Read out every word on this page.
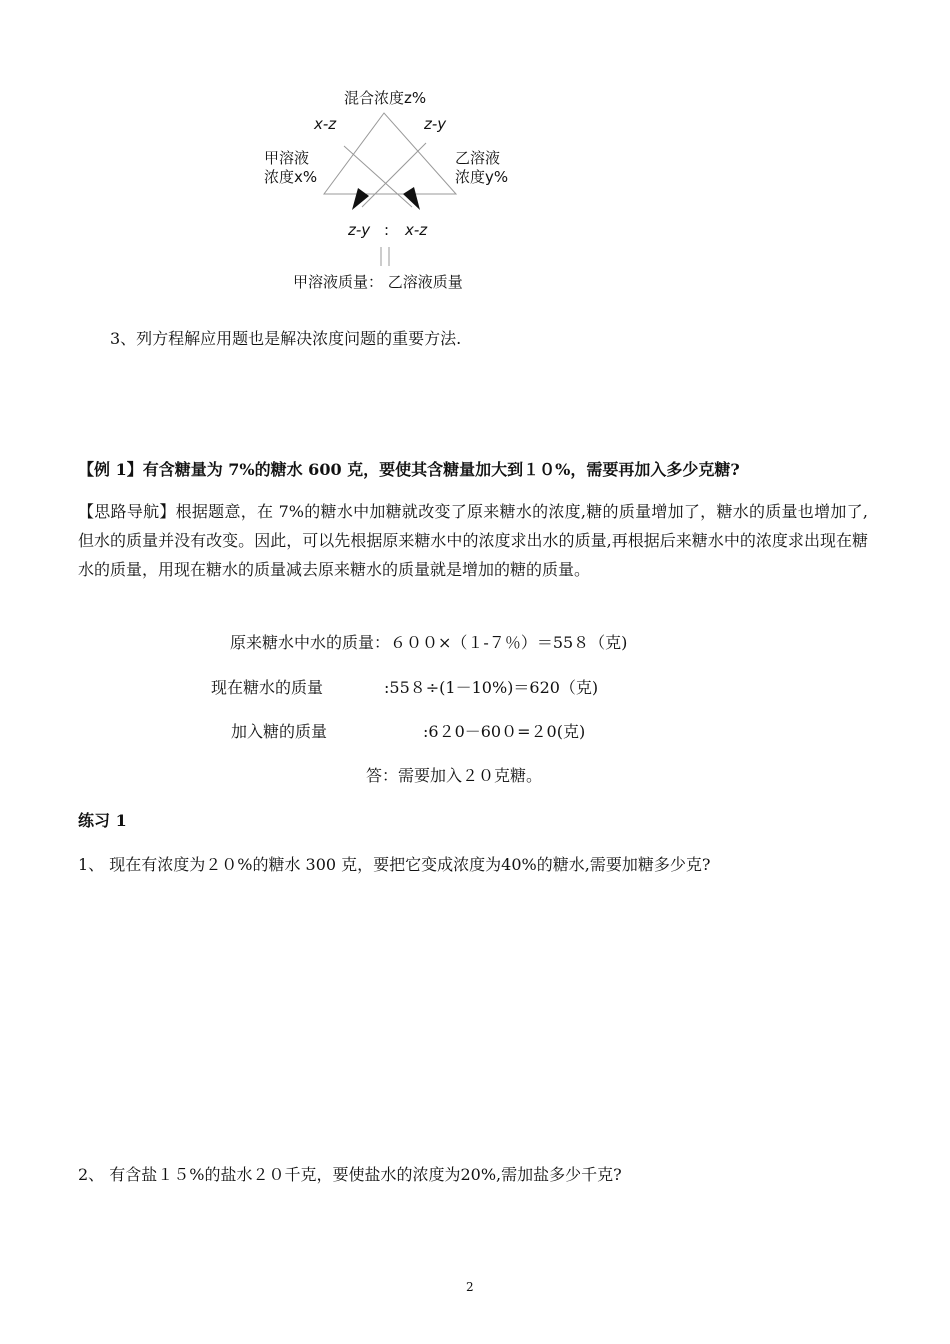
混合浓度z%
x-z	z-y
甲溶液
浓度x%
乙溶液
浓度y%
z-y : x-z
甲溶液质量： 乙溶液质量
3、列方程解应用题也是解决浓度问题的重要方法.
【例 1】有含糖量为 7%的糖水 600 克，要使其含糖量加大到１０%，需要再加入多少克糖?
【思路导航】根据题意，在 7%的糖水中加糖就改变了原来糖水的浓度,糖的质量增加了，糖水的质量也增加了,但水的质量并没有改变。因此，可以先根据原来糖水中的浓度求出水的质量,再根据后来糖水中的浓度求出现在糖水的质量，用现在糖水的质量减去原来糖水的质量就是增加的糖的质量。
原来糖水中水的质量：６００×（１-７％）＝55８（克)
现在糖水的质量	:55８÷(1－10%)＝620（克)
加入糖的质量	:6２0－60０=２0(克)
答：需要加入２０克糖。
练习 1
1、 现在有浓度为２０%的糖水 300 克，要把它变成浓度为40%的糖水,需要加糖多少克?
2、 有含盐１５%的盐水２０千克，要使盐水的浓度为20%,需加盐多少千克?
2
